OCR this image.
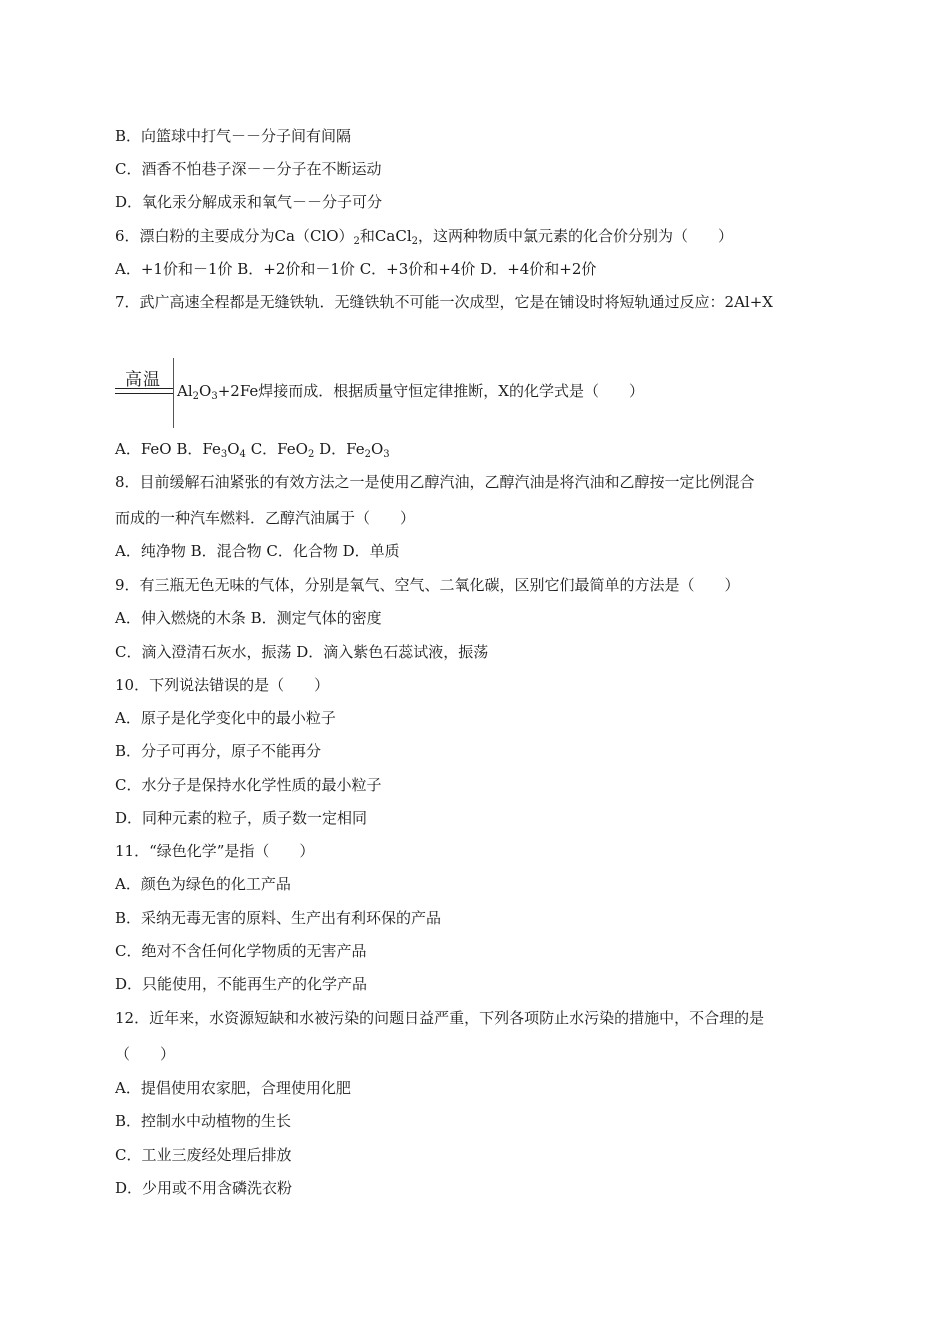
B．向篮球中打气－－分子间有间隔
C．酒香不怕巷子深－－分子在不断运动
D．氧化汞分解成汞和氧气－－分子可分
6．漂白粉的主要成分为$Ca(ClO)_2$和CaCl$_2$，这两种物质中氯元素的化合价分别为（　　）
A．+1价和－1价 B．+2价和－1价 C．+3价和+4价 D．+4价和+2价
7．武广高速全程都是无缝铁轨．无缝铁轨不可能一次成型，它是在铺设时将短轨通过反应：2Al+X
高温
$Al_2O_3+2Fe$焊接而成．根据质量守恒定律推断，X的化学式是（　　）
A．FeO B．$Fe_3O_4$ C．FeO$_2$ D．$Fe_2O_3$
8．目前缓解石油紧张的有效方法之一是使用乙醇汽油，乙醇汽油是将汽油和乙醇按一定比例混合
而成的一种汽车燃料．乙醇汽油属于（　　）
A．纯净物 B．混合物 C．化合物 D．单质
9．有三瓶无色无味的气体，分别是氧气、空气、二氧化碳，区别它们最简单的方法是（　　）
A．伸入燃烧的木条 B．测定气体的密度
C．滴入澄清石灰水，振荡 D．滴入紫色石蕊试液，振荡
10．下列说法错误的是（　　）
A．原子是化学变化中的最小粒子
B．分子可再分，原子不能再分
C．水分子是保持水化学性质的最小粒子
D．同种元素的粒子，质子数一定相同
11．“绿色化学”是指（　　）
A．颜色为绿色的化工产品
B．采纳无毒无害的原料、生产出有利环保的产品
C．绝对不含任何化学物质的无害产品
D．只能使用，不能再生产的化学产品
12．近年来，水资源短缺和水被污染的问题日益严重，下列各项防止水污染的措施中，不合理的是
（　　）
A．提倡使用农家肥，合理使用化肥
B．控制水中动植物的生长
C．工业三废经处理后排放
D．少用或不用含磷洗衣粉
